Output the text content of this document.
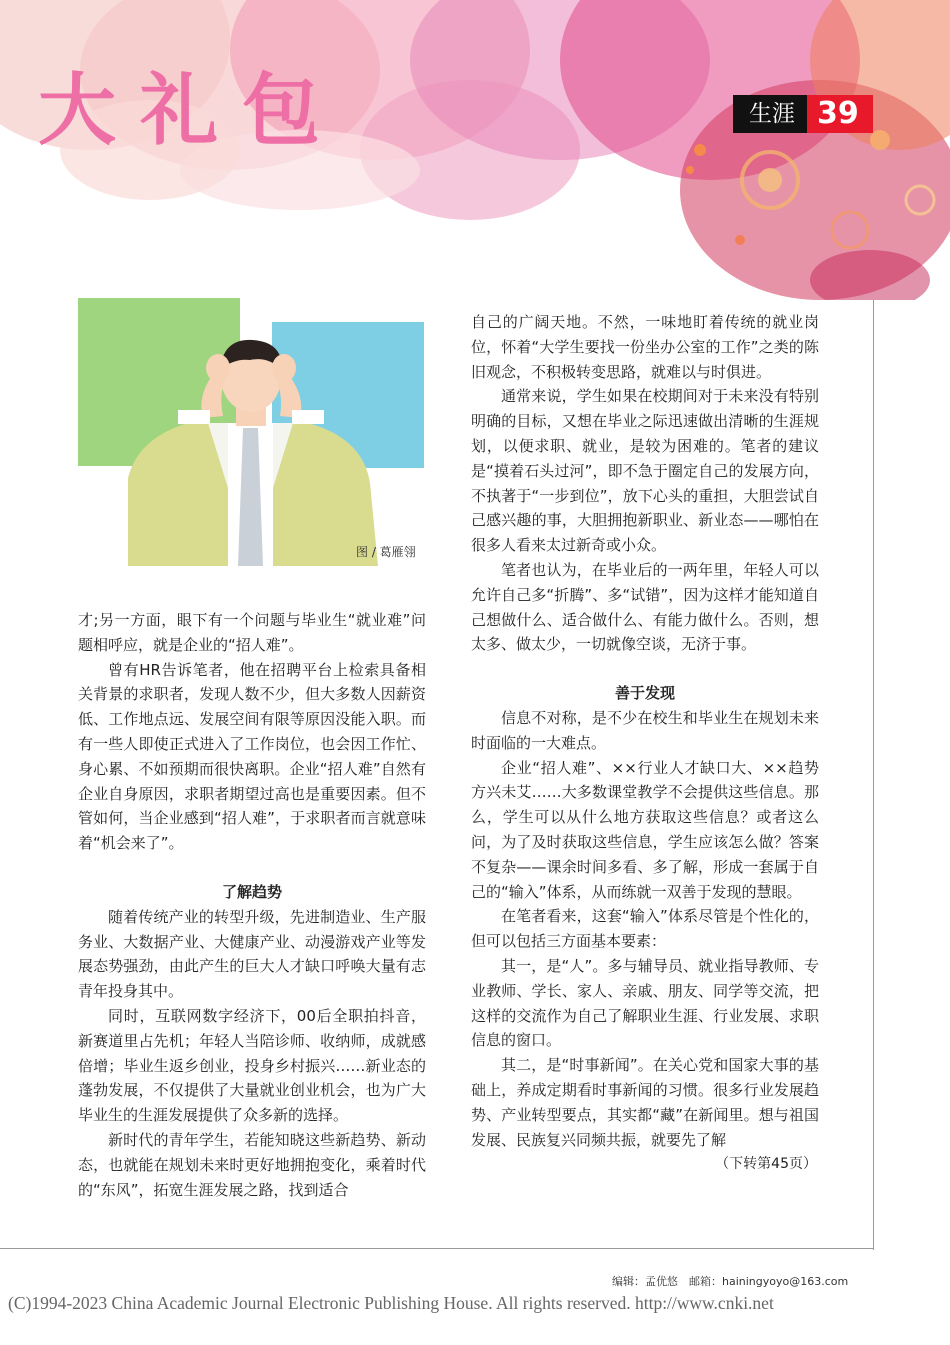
大礼包	生涯 39
图 / 葛雁翎

才;另一方面，眼下有一个问题与毕业生“就业难”问题相呼应，就是企业的“招人难”。

曾有HR告诉笔者，他在招聘平台上检索具备相关背景的求职者，发现人数不少，但大多数人因薪资低、工作地点远、发展空间有限等原因没能入职。而有一些人即使正式进入了工作岗位，也会因工作忙、身心累、不如预期而很快离职。企业“招人难”自然有企业自身原因，求职者期望过高也是重要因素。但不管如何，当企业感到“招人难”，于求职者而言就意味着“机会来了”。

了解趋势

随着传统产业的转型升级，先进制造业、生产服务业、大数据产业、大健康产业、动漫游戏产业等发展态势强劲，由此产生的巨大人才缺口呼唤大量有志青年投身其中。

同时，互联网数字经济下，00后全职拍抖音，新赛道里占先机；年轻人当陪诊师、收纳师，成就感倍增；毕业生返乡创业，投身乡村振兴……新业态的蓬勃发展，不仅提供了大量就业创业机会，也为广大毕业生的生涯发展提供了众多新的选择。

新时代的青年学生，若能知晓这些新趋势、新动态，也就能在规划未来时更好地拥抱变化，乘着时代的“东风”，拓宽生涯发展之路，找到适合

自己的广阔天地。不然，一味地盯着传统的就业岗位，怀着“大学生要找一份坐办公室的工作”之类的陈旧观念，不积极转变思路，就难以与时俱进。

通常来说，学生如果在校期间对于未来没有特别明确的目标，又想在毕业之际迅速做出清晰的生涯规划，以便求职、就业，是较为困难的。笔者的建议是“摸着石头过河”，即不急于圈定自己的发展方向，不执著于“一步到位”，放下心头的重担，大胆尝试自己感兴趣的事，大胆拥抱新职业、新业态——哪怕在很多人看来太过新奇或小众。

笔者也认为，在毕业后的一两年里，年轻人可以允许自己多“折腾”、多“试错”，因为这样才能知道自己想做什么、适合做什么、有能力做什么。否则，想太多、做太少，一切就像空谈，无济于事。

善于发现

信息不对称，是不少在校生和毕业生在规划未来时面临的一大难点。

企业“招人难”、××行业人才缺口大、××趋势方兴未艾……大多数课堂教学不会提供这些信息。那么，学生可以从什么地方获取这些信息？或者这么问，为了及时获取这些信息，学生应该怎么做？答案不复杂——课余时间多看、多了解，形成一套属于自己的“输入”体系，从而练就一双善于发现的慧眼。

在笔者看来，这套“输入”体系尽管是个性化的，但可以包括三方面基本要素：

其一，是“人”。多与辅导员、就业指导教师、专业教师、学长、家人、亲戚、朋友、同学等交流，把这样的交流作为自己了解职业生涯、行业发展、求职信息的窗口。

其二，是“时事新闻”。在关心党和国家大事的基础上，养成定期看时事新闻的习惯。很多行业发展趋势、产业转型要点，其实都“藏”在新闻里。想与祖国发展、民族复兴同频共振，就要先了解

（下转第45页）
编辑：孟优悠　邮箱：hainingyoyo@163.com
(C)1994-2023 China Academic Journal Electronic Publishing House. All rights reserved. http://www.cnki.net
